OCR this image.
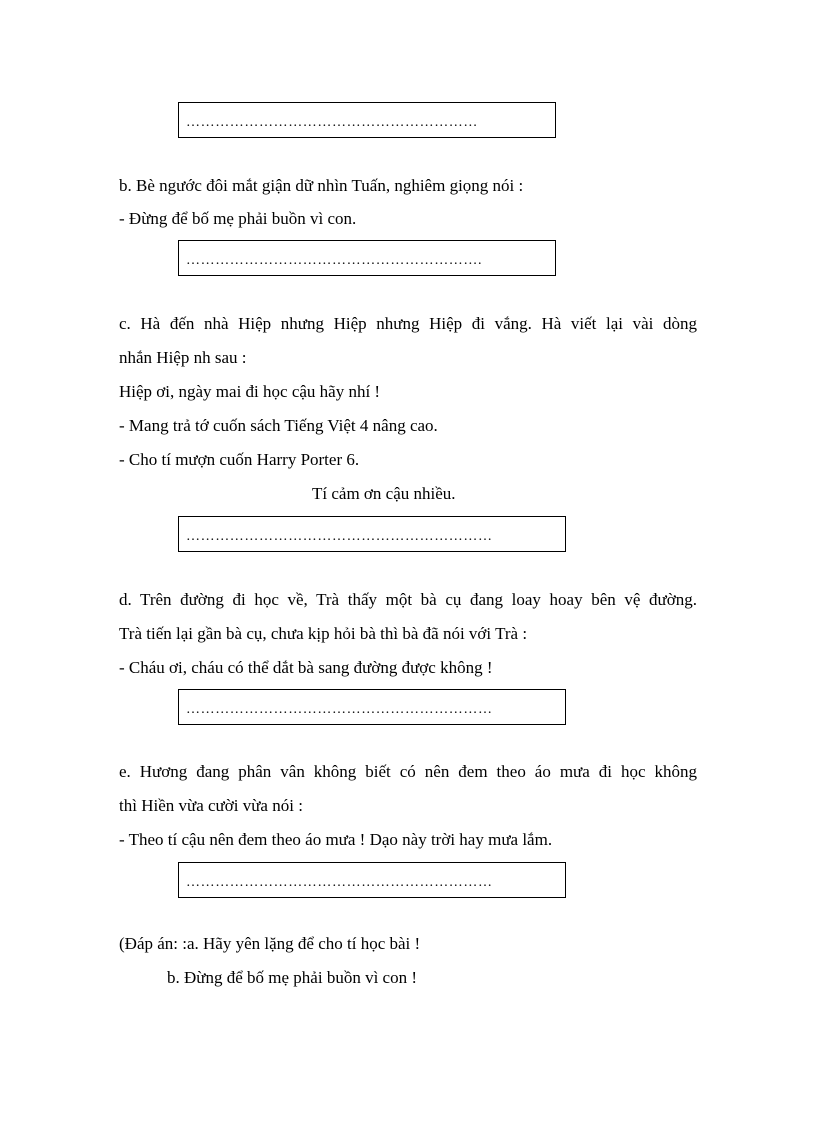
……………………………………………………

b. Bè ngước đôi mắt giận dữ nhìn Tuấn, nghiêm giọng nói :

- Đừng để bố mẹ phải buồn vì con.

…………………………………………………….

c. Hà đến nhà Hiệp nhưng Hiệp nhưng Hiệp đi vắng. Hà viết lại vài dòng

nhắn Hiệp nh sau :

Hiệp ơi, ngày mai đi học cậu hãy nhí !

- Mang trả tớ cuốn sách Tiếng Việt 4 nâng cao.

- Cho tí mượn cuốn Harry Porter 6.

Tí cảm ơn cậu nhiều.

………………………………………………………

d. Trên đường đi học về, Trà thấy một bà cụ đang loay hoay bên vệ đường.

Trà tiến lại gần bà cụ, chưa kịp hỏi bà thì bà đã nói với Trà :

- Cháu ơi, cháu có thể dắt bà sang đường được không !

………………………………………………………

e. Hương đang phân vân không biết có nên đem theo áo mưa đi học không

thì Hiền vừa cười vừa nói :

- Theo tí cậu nên đem theo áo mưa ! Dạo này trời hay mưa lắm.

………………………………………………………

(Đáp án: :a. Hãy yên lặng để cho tí học bài !

b. Đừng để bố mẹ phải buồn vì con !
